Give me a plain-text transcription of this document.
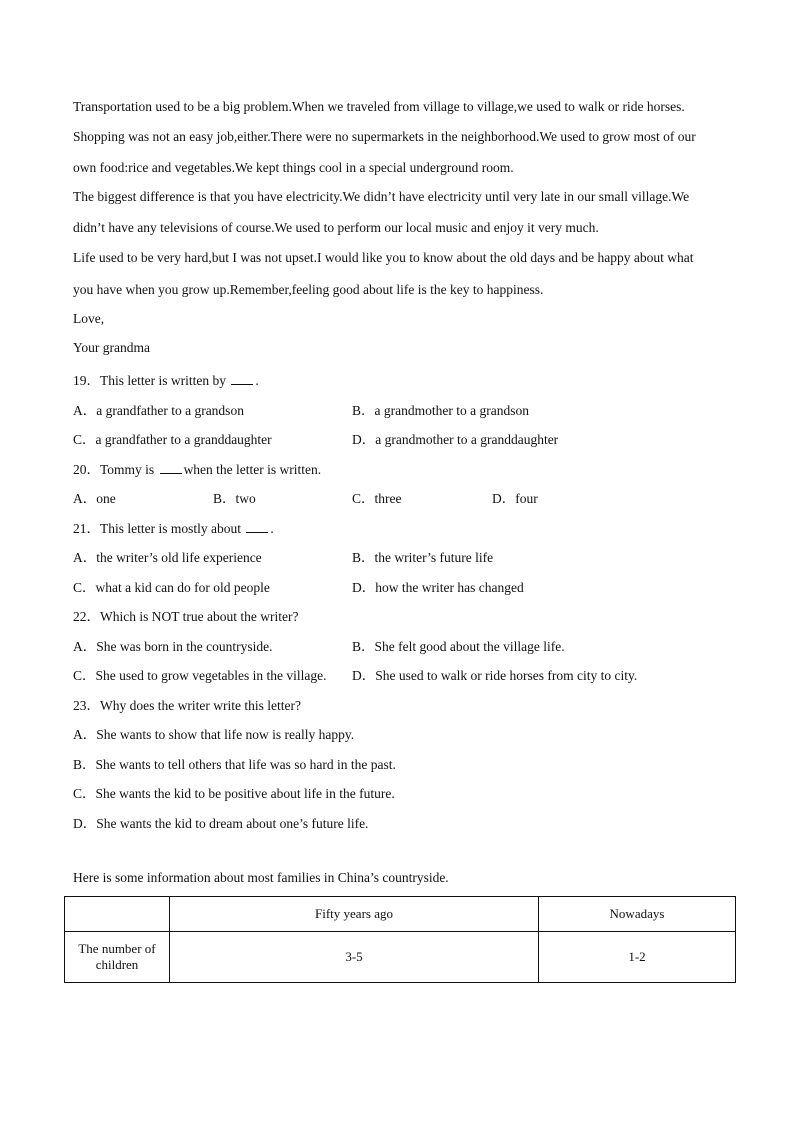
Transportation used to be a big problem.When we traveled from village to village,we used to walk or ride horses.
Shopping was not an easy job,either.There were no supermarkets in the neighborhood.We used to grow most of our
own food:rice and vegetables.We kept things cool in a special underground room.
The biggest difference is that you have electricity.We didn’t have electricity until very late in our small village.We
didn’t have any televisions of course.We used to perform our local music and enjoy it very much.
Life used to be very hard,but I was not upset.I would like you to know about the old days and be happy about what
you have when you grow up.Remember,feeling good about life is the key to happiness.
Love,
Your grandma
19．This letter is written by .
A．a grandfather to a grandson	B．a grandmother to a grandson
C．a grandfather to a granddaughter	D．a grandmother to a granddaughter
20．Tommy is when the letter is written.
A．one	B．two	C．three	D．four
21．This letter is mostly about .
A．the writer’s old life experience	B．the writer’s future life
C．what a kid can do for old people	D．how the writer has changed
22．Which is NOT true about the writer?
A．She was born in the countryside.	B．She felt good about the village life.
C．She used to grow vegetables in the village. D．She used to walk or ride horses from city to city.
23．Why does the writer write this letter?
A．She wants to show that life now is really happy.
B．She wants to tell others that life was so hard in the past.
C．She wants the kid to be positive about life in the future.
D．She wants the kid to dream about one’s future life.
Here is some information about most families in China’s countryside.
	Fifty years ago	Nowadays
The number of children	3-5	1-2
